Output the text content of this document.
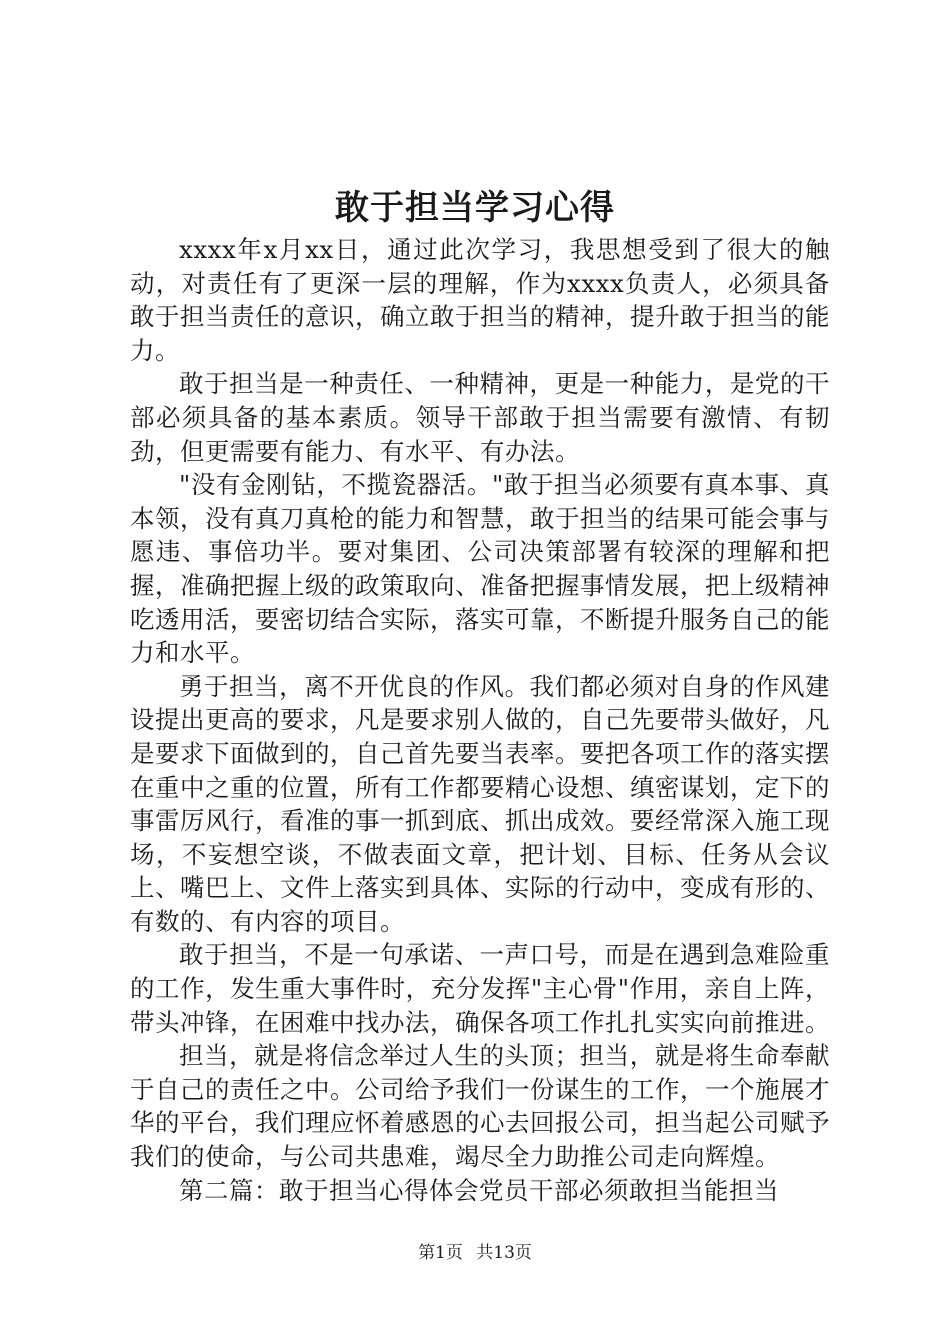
敢于担当学习心得

xxxx年x月xx日，通过此次学习，我思想受到了很大的触动，对责任有了更深一层的理解，作为xxxx负责人，必须具备敢于担当责任的意识，确立敢于担当的精神，提升敢于担当的能力。

敢于担当是一种责任、一种精神，更是一种能力，是党的干部必须具备的基本素质。领导干部敢于担当需要有激情、有韧劲，但更需要有能力、有水平、有办法。

"没有金刚钻，不揽瓷器活。"敢于担当必须要有真本事、真本领，没有真刀真枪的能力和智慧，敢于担当的结果可能会事与愿违、事倍功半。要对集团、公司决策部署有较深的理解和把握，准确把握上级的政策取向、准备把握事情发展，把上级精神吃透用活，要密切结合实际，落实可靠，不断提升服务自己的能力和水平。

勇于担当，离不开优良的作风。我们都必须对自身的作风建设提出更高的要求，凡是要求别人做的，自己先要带头做好，凡是要求下面做到的，自己首先要当表率。要把各项工作的落实摆在重中之重的位置，所有工作都要精心设想、缜密谋划，定下的事雷厉风行，看准的事一抓到底、抓出成效。要经常深入施工现场，不妄想空谈，不做表面文章，把计划、目标、任务从会议上、嘴巴上、文件上落实到具体、实际的行动中，变成有形的、有数的、有内容的项目。

敢于担当，不是一句承诺、一声口号，而是在遇到急难险重的工作，发生重大事件时，充分发挥"主心骨"作用，亲自上阵，带头冲锋，在困难中找办法，确保各项工作扎扎实实向前推进。

担当，就是将信念举过人生的头顶；担当，就是将生命奉献于自己的责任之中。公司给予我们一份谋生的工作，一个施展才华的平台，我们理应怀着感恩的心去回报公司，担当起公司赋予我们的使命，与公司共患难，竭尽全力助推公司走向辉煌。

第二篇：敢于担当心得体会党员干部必须敢担当能担当

第1页 共13页
